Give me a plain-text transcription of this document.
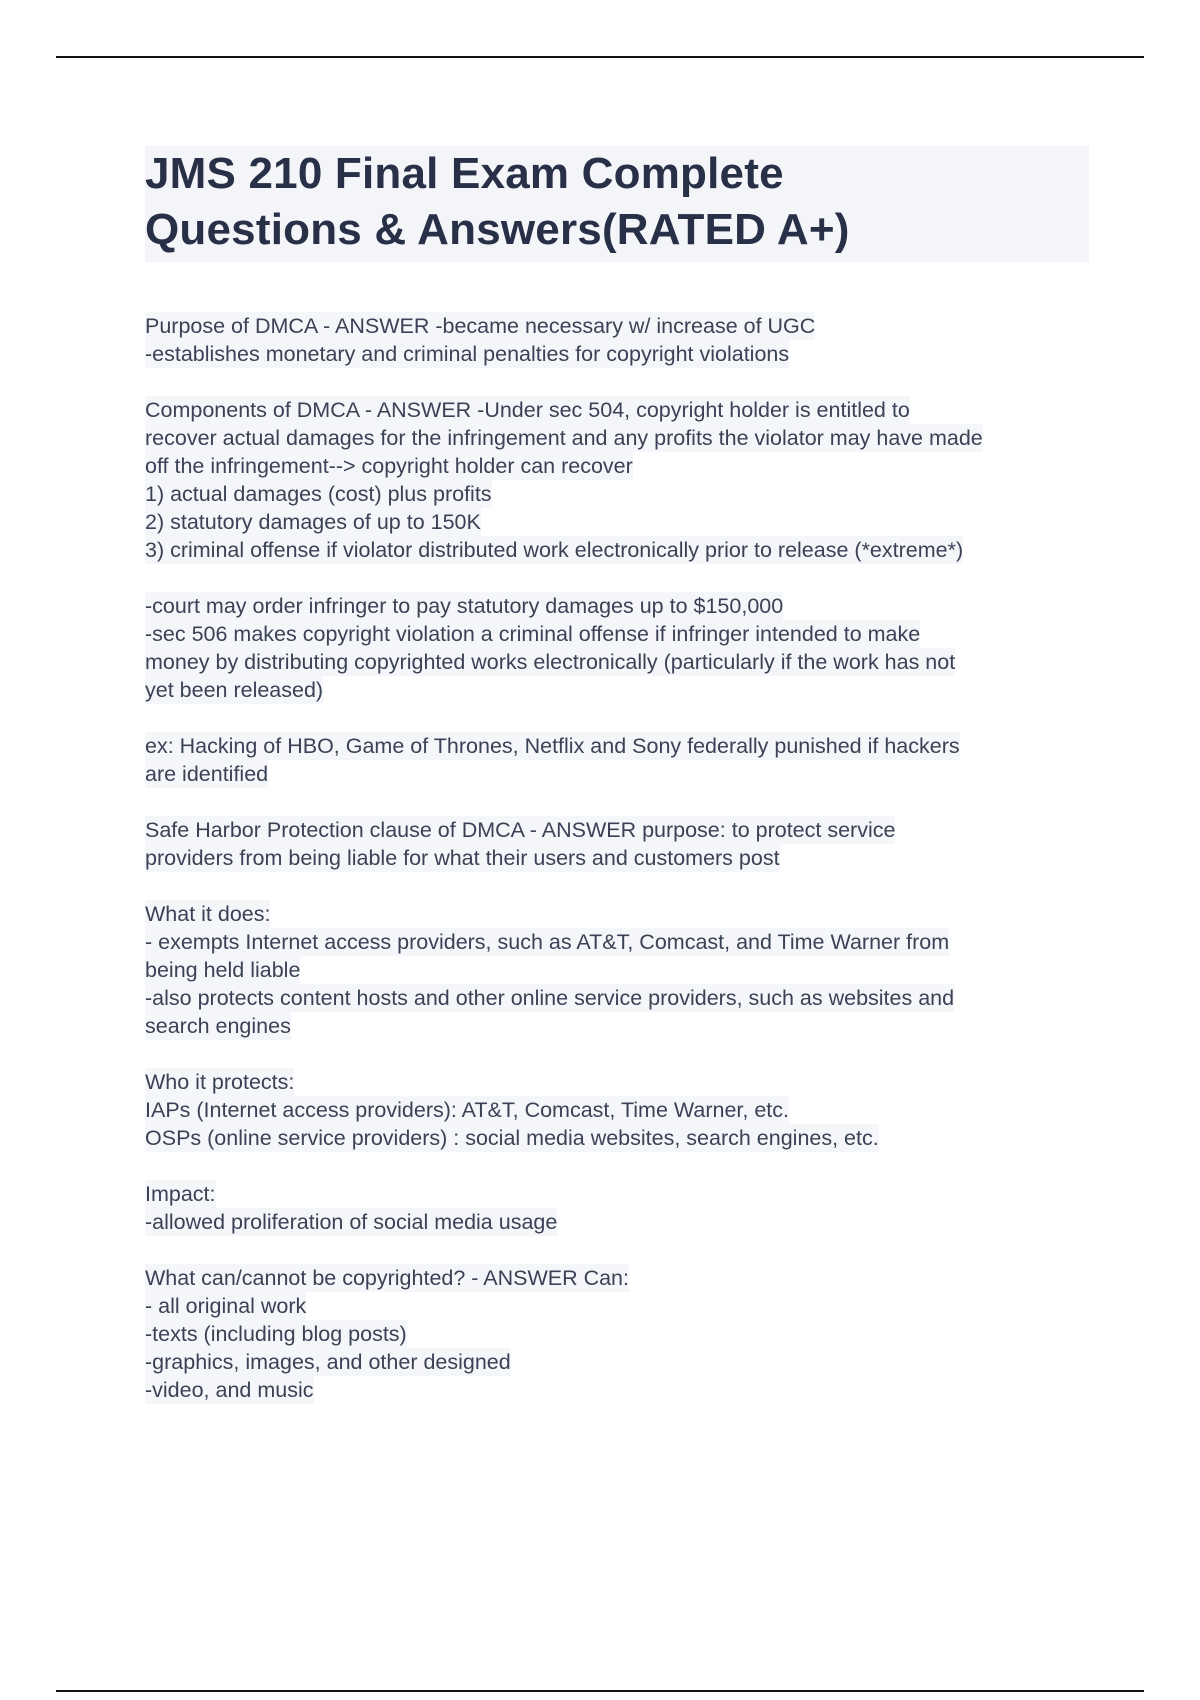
JMS 210 Final Exam Complete
Questions & Answers(RATED A+)
Purpose of DMCA - ANSWER -became necessary w/ increase of UGC
-establishes monetary and criminal penalties for copyright violations
Components of DMCA - ANSWER -Under sec 504, copyright holder is entitled to
recover actual damages for the infringement and any profits the violator may have made
off the infringement--> copyright holder can recover
1) actual damages (cost) plus profits
2) statutory damages of up to 150K
3) criminal offense if violator distributed work electronically prior to release (*extreme*)
-court may order infringer to pay statutory damages up to $150,000
-sec 506 makes copyright violation a criminal offense if infringer intended to make
money by distributing copyrighted works electronically (particularly if the work has not
yet been released)
ex: Hacking of HBO, Game of Thrones, Netflix and Sony federally punished if hackers
are identified
Safe Harbor Protection clause of DMCA - ANSWER purpose: to protect service
providers from being liable for what their users and customers post
What it does:
- exempts Internet access providers, such as AT&T, Comcast, and Time Warner from
being held liable
-also protects content hosts and other online service providers, such as websites and
search engines
Who it protects:
IAPs (Internet access providers): AT&T, Comcast, Time Warner, etc.
OSPs (online service providers) : social media websites, search engines, etc.
Impact:
-allowed proliferation of social media usage
What can/cannot be copyrighted? - ANSWER Can:
- all original work
-texts (including blog posts)
-graphics, images, and other designed
-video, and music
